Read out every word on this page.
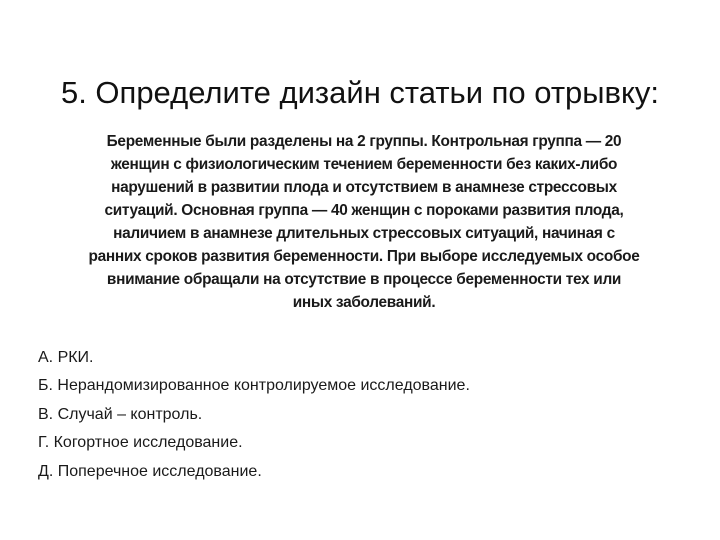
5. Определите дизайн статьи по отрывку:
Беременные были разделены на 2 группы. Контрольная группа — 20
женщин с физиологическим течением беременности без каких-либо
нарушений в развитии плода и отсутствием в анамнезе стрессовых
ситуаций. Основная группа — 40 женщин с пороками развития плода,
наличием в анамнезе длительных стрессовых ситуаций, начиная с
ранних сроков развития беременности. При выборе исследуемых особое
внимание обращали на отсутствие в процессе беременности тех или
иных заболеваний.
А. РКИ.
Б. Нерандомизированное контролируемое исследование.
В. Случай – контроль.
Г. Когортное исследование.
Д. Поперечное исследование.
